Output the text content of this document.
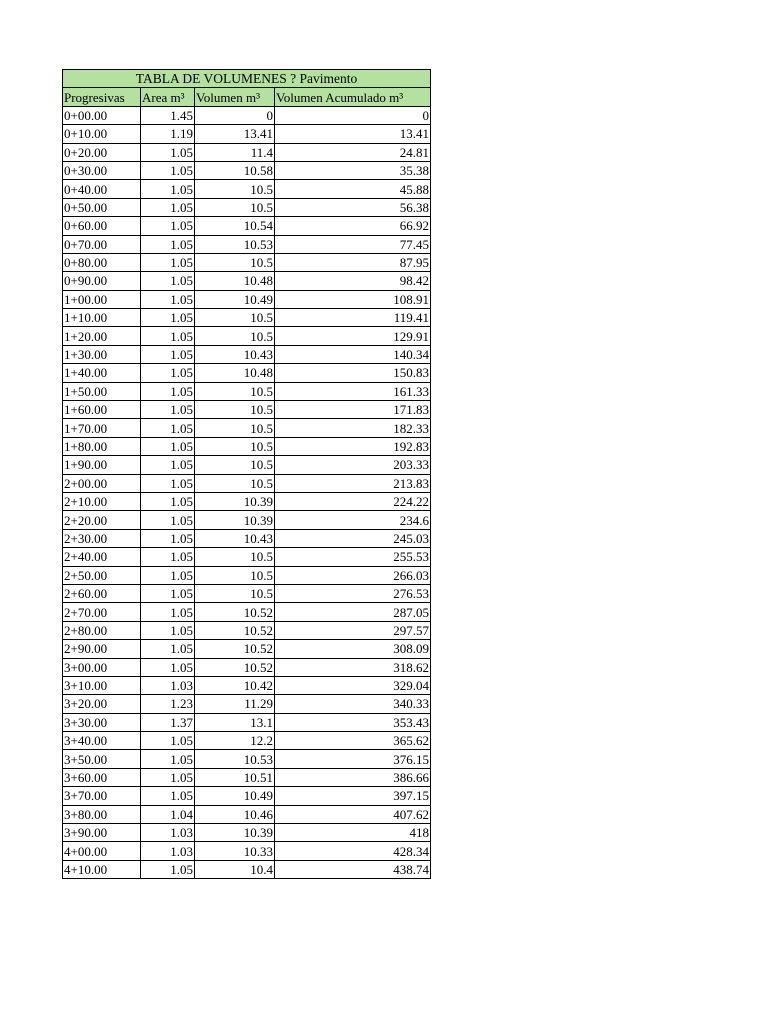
TABLA DE VOLUMENES ? Pavimento			
Progresivas	Area m³	Volumen m³	Volumen Acumulado m³
0+00.00	1.45	0	0
0+10.00	1.19	13.41	13.41
0+20.00	1.05	11.4	24.81
0+30.00	1.05	10.58	35.38
0+40.00	1.05	10.5	45.88
0+50.00	1.05	10.5	56.38
0+60.00	1.05	10.54	66.92
0+70.00	1.05	10.53	77.45
0+80.00	1.05	10.5	87.95
0+90.00	1.05	10.48	98.42
1+00.00	1.05	10.49	108.91
1+10.00	1.05	10.5	119.41
1+20.00	1.05	10.5	129.91
1+30.00	1.05	10.43	140.34
1+40.00	1.05	10.48	150.83
1+50.00	1.05	10.5	161.33
1+60.00	1.05	10.5	171.83
1+70.00	1.05	10.5	182.33
1+80.00	1.05	10.5	192.83
1+90.00	1.05	10.5	203.33
2+00.00	1.05	10.5	213.83
2+10.00	1.05	10.39	224.22
2+20.00	1.05	10.39	234.6
2+30.00	1.05	10.43	245.03
2+40.00	1.05	10.5	255.53
2+50.00	1.05	10.5	266.03
2+60.00	1.05	10.5	276.53
2+70.00	1.05	10.52	287.05
2+80.00	1.05	10.52	297.57
2+90.00	1.05	10.52	308.09
3+00.00	1.05	10.52	318.62
3+10.00	1.03	10.42	329.04
3+20.00	1.23	11.29	340.33
3+30.00	1.37	13.1	353.43
3+40.00	1.05	12.2	365.62
3+50.00	1.05	10.53	376.15
3+60.00	1.05	10.51	386.66
3+70.00	1.05	10.49	397.15
3+80.00	1.04	10.46	407.62
3+90.00	1.03	10.39	418
4+00.00	1.03	10.33	428.34
4+10.00	1.05	10.4	438.74
